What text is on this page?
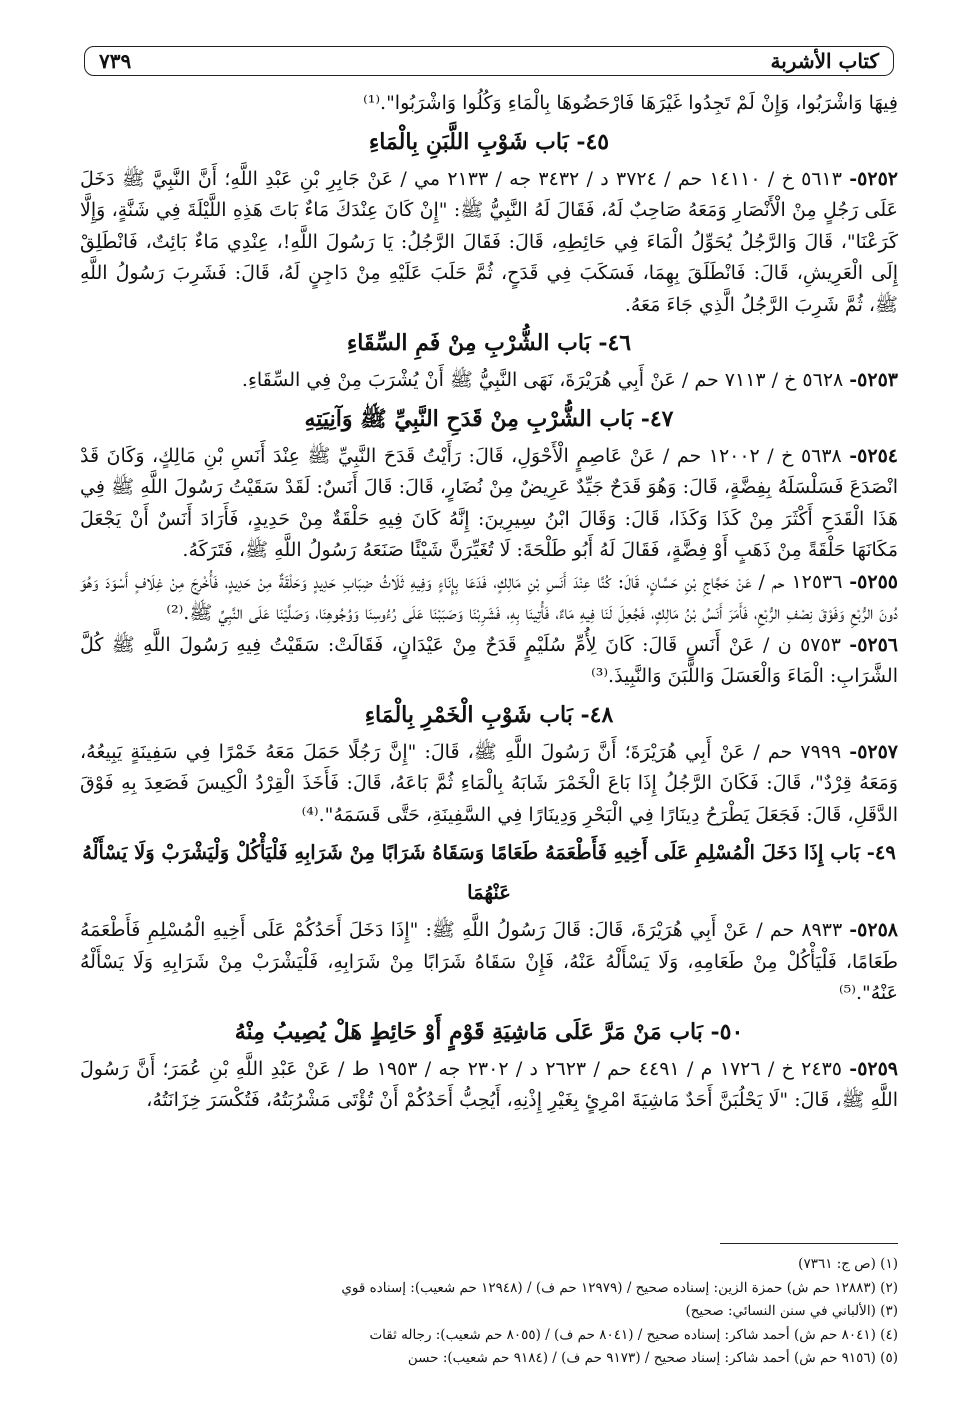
كتاب الأشربة
٧٣٩

فِيهَا وَاشْرَبُوا، وَإِنْ لَمْ تَجِدُوا غَيْرَهَا فَارْحَضُوهَا بِالْمَاءِ وَكُلُوا وَاشْرَبُوا".⁽¹⁾

٤٥- بَاب شَوْبِ اللَّبَنِ بِالْمَاءِ

٥٢٥٢- ٥٦١٣ خ / ١٤١١٠ حم / ٣٧٢٤ د / ٣٤٣٢ جه / ٢١٣٣ مي / عَنْ جَابِرِ بْنِ عَبْدِ اللَّهِ؛ أَنَّ النَّبِيَّ ﷺ دَخَلَ عَلَى رَجُلٍ مِنْ الْأَنْصَارِ وَمَعَهُ صَاحِبٌ لَهُ، فَقَالَ لَهُ النَّبِيُّ ﷺ: "إِنْ كَانَ عِنْدَكَ مَاءٌ بَاتَ هَذِهِ اللَّيْلَةَ فِي شَنَّةٍ، وَإِلَّا كَرَعْنَا"، قَالَ وَالرَّجُلُ يُحَوِّلُ الْمَاءَ فِي حَائِطِهِ، قَالَ: فَقَالَ الرَّجُلُ: يَا رَسُولَ اللَّهِ!، عِنْدِي مَاءٌ بَائِتٌ، فَانْطَلِقْ إِلَى الْعَرِيشِ، قَالَ: فَانْطَلَقَ بِهِمَا، فَسَكَبَ فِي قَدَحٍ، ثُمَّ حَلَبَ عَلَيْهِ مِنْ دَاجِنٍ لَهُ، قَالَ: فَشَرِبَ رَسُولُ اللَّهِ ﷺ، ثُمَّ شَرِبَ الرَّجُلُ الَّذِي جَاءَ مَعَهُ.

٤٦- بَاب الشُّرْبِ مِنْ فَمِ السِّقَاءِ

٥٢٥٣- ٥٦٢٨ خ / ٧١١٣ حم / عَنْ أَبِي هُرَيْرَةَ، نَهَى النَّبِيُّ ﷺ أَنْ يُشْرَبَ مِنْ فِي السِّقَاءِ.

٤٧- بَاب الشُّرْبِ مِنْ قَدَحِ النَّبِيِّ ﷺ وَآنِيَتِهِ

٥٢٥٤- ٥٦٣٨ خ / ١٢٠٠٢ حم / عَنْ عَاصِمٍ الْأَحْوَلِ، قَالَ: رَأَيْتُ قَدَحَ النَّبِيِّ ﷺ عِنْدَ أَنَسِ بْنِ مَالِكٍ، وَكَانَ قَدْ انْصَدَعَ فَسَلْسَلَهُ بِفِضَّةٍ، قَالَ: وَهُوَ قَدَحٌ جَيِّدٌ عَرِيضٌ مِنْ نُضَارٍ، قَالَ: قَالَ أَنَسٌ: لَقَدْ سَقَيْتُ رَسُولَ اللَّهِ ﷺ فِي هَذَا الْقَدَحِ أَكْثَرَ مِنْ كَذَا وَكَذَا، قَالَ: وَقَالَ ابْنُ سِيرِينَ: إِنَّهُ كَانَ فِيهِ حَلْقَةٌ مِنْ حَدِيدٍ، فَأَرَادَ أَنَسٌ أَنْ يَجْعَلَ مَكَانَهَا حَلْقَةً مِنْ ذَهَبٍ أَوْ فِضَّةٍ، فَقَالَ لَهُ أَبُو طَلْحَةَ: لَا تُغَيِّرَنَّ شَيْئًا صَنَعَهُ رَسُولُ اللَّهِ ﷺ، فَتَرَكَهُ.

٥٢٥٥- ١٢٥٣٦ حم / عَنْ حَجَّاجِ بْنِ حَسَّانٍ، قَالَ: كُنَّا عِنْدَ أَنَسِ بْنِ مَالِكٍ، فَدَعَا بِإِنَاءٍ وَفِيهِ ثَلَاثُ ضِبَابِ حَدِيدٍ وَحَلْقَةٌ مِنْ حَدِيدٍ، فَأُخْرِجَ مِنْ غِلَافٍ أَسْوَدَ وَهُوَ دُونَ الرُّبْعِ وَفَوْقَ نِصْفِ الرُّبْعِ، فَأَمَرَ أَنَسُ بْنُ مَالِكٍ، فَجُعِلَ لَنَا فِيهِ مَاءٌ، فَأُتِينَا بِهِ، فَشَرِبْنَا وَصَبَبْنَا عَلَى رُءُوسِنَا وَوُجُوهِنَا، وَصَلَّيْنَا عَلَى النَّبِيِّ ﷺ.⁽²⁾

٥٢٥٦- ٥٧٥٣ ن / عَنْ أَنَسٍ قَالَ: كَانَ لِأُمِّ سُلَيْمٍ قَدَحٌ مِنْ عَيْدَانٍ، فَقَالَتْ: سَقَيْتُ فِيهِ رَسُولَ اللَّهِ ﷺ كُلَّ الشَّرَابِ: الْمَاءَ وَالْعَسَلَ وَاللَّبَنَ وَالنَّبِيذَ.⁽³⁾

٤٨- بَاب شَوْبِ الْخَمْرِ بِالْمَاءِ

٥٢٥٧- ٧٩٩٩ حم / عَنْ أَبِي هُرَيْرَةَ؛ أَنَّ رَسُولَ اللَّهِ ﷺ، قَالَ: "إِنَّ رَجُلًا حَمَلَ مَعَهُ خَمْرًا فِي سَفِينَةٍ يَبِيعُهُ، وَمَعَهُ قِرْدٌ"، قَالَ: فَكَانَ الرَّجُلُ إِذَا بَاعَ الْخَمْرَ شَابَهُ بِالْمَاءِ ثُمَّ بَاعَهُ، قَالَ: فَأَخَذَ الْقِرْدُ الْكِيسَ فَصَعِدَ بِهِ فَوْقَ الدَّقَلِ، قَالَ: فَجَعَلَ يَطْرَحُ دِينَارًا فِي الْبَحْرِ وَدِينَارًا فِي السَّفِينَةِ، حَتَّى قَسَمَهُ".⁽⁴⁾

٤٩- بَاب إِذَا دَخَلَ الْمُسْلِمِ عَلَى أَخِيهِ فَأَطْعَمَهُ طَعَامًا وَسَقَاهُ شَرَابًا مِنْ شَرَابِهِ فَلْيَأْكُلْ وَلْيَشْرَبْ وَلَا يَسْأَلْهُ عَنْهُمَا

٥٢٥٨- ٨٩٣٣ حم / عَنْ أَبِي هُرَيْرَةَ، قَالَ: قَالَ رَسُولُ اللَّهِ ﷺ: "إِذَا دَخَلَ أَحَدُكُمْ عَلَى أَخِيهِ الْمُسْلِمِ فَأَطْعَمَهُ طَعَامًا، فَلْيَأْكُلْ مِنْ طَعَامِهِ، وَلَا يَسْأَلْهُ عَنْهُ، فَإِنْ سَقَاهُ شَرَابًا مِنْ شَرَابِهِ، فَلْيَشْرَبْ مِنْ شَرَابِهِ وَلَا يَسْأَلْهُ عَنْهُ".⁽⁵⁾

٥٠- بَاب مَنْ مَرَّ عَلَى مَاشِيَةِ قَوْمٍ أَوْ حَائِطٍ هَلْ يُصِيبُ مِنْهُ

٥٢٥٩- ٢٤٣٥ خ / ١٧٢٦ م / ٤٤٩١ حم / ٢٦٢٣ د / ٢٣٠٢ جه / ١٩٥٣ ط / عَنْ عَبْدِ اللَّهِ بْنِ عُمَرَ؛ أَنَّ رَسُولَ اللَّهِ ﷺ، قَالَ: "لَا يَحْلُبَنَّ أَحَدٌ مَاشِيَةَ امْرِئٍ بِغَيْرِ إِذْنِهِ، أَيُحِبُّ أَحَدُكُمْ أَنْ تُؤْتَى مَشْرُبَتُهُ، فَتُكْسَرَ خِزَانَتُهُ،

(١) (ص ج: ٧٣٦١)
(٢) (١٢٨٨٣ حم ش) حمزة الزين: إسناده صحيح / (١٢٩٧٩ حم ف) / (١٢٩٤٨ حم شعيب): إسناده قوي
(٣) (الألباني في سنن النسائي: صحيح)
(٤) (٨٠٤١ حم ش) أحمد شاكر: إسناده صحيح / (٨٠٤١ حم ف) / (٨٠٥٥ حم شعيب): رجاله ثقات
(٥) (٩١٥٦ حم ش) أحمد شاكر: إسناد صحيح / (٩١٧٣ حم ف) / (٩١٨٤ حم شعيب): حسن
